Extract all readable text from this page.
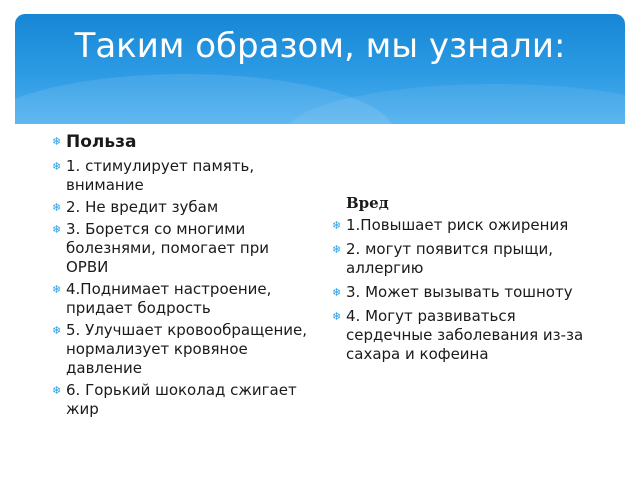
Таким образом, мы узнали:
❄ Польза
❄ 1. стимулирует память, внимание
❄ 2. Не вредит зубам
❄ 3. Борется со многими болезнями, помогает при ОРВИ
❄ 4.Поднимает настроение, придает бодрость
❄ 5. Улучшает кровообращение, нормализует кровяное давление
❄ 6. Горький шоколад сжигает жир
Вред
❄ 1.Повышает риск ожирения
❄ 2. могут появится прыщи, аллергию
❄ 3. Может вызывать тошноту
❄ 4. Могут развиваться сердечные заболевания из-за сахара и кофеина
